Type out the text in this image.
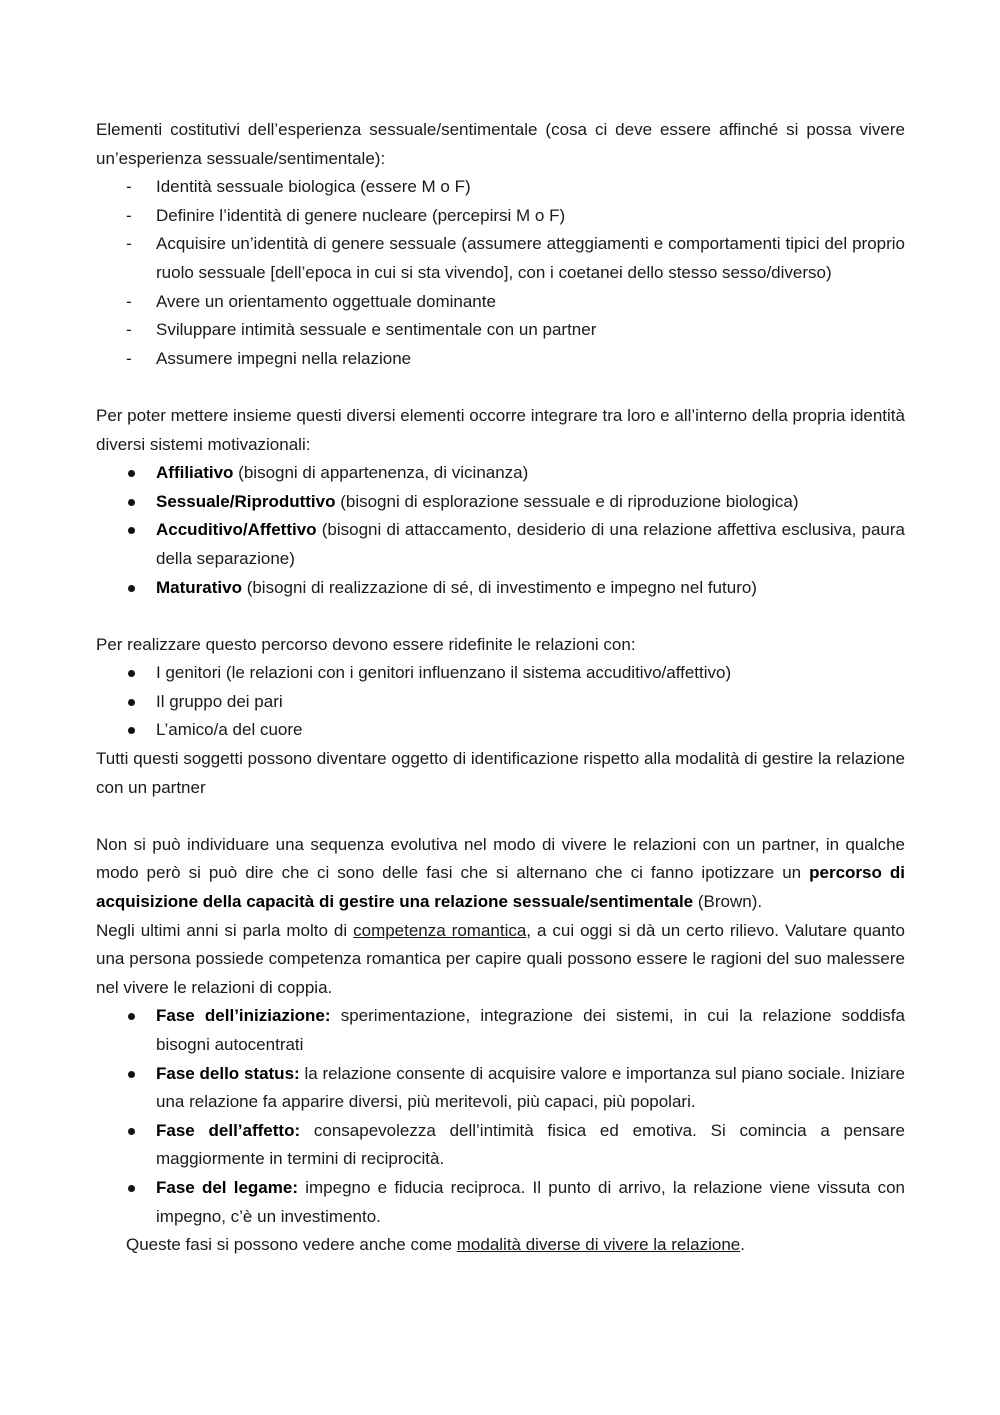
Elementi costitutivi dell’esperienza sessuale/sentimentale (cosa ci deve essere affinché si possa vivere un’esperienza sessuale/sentimentale):

- Identità sessuale biologica (essere M o F)
- Definire l’identità di genere nucleare (percepirsi M o F)
- Acquisire un’identità di genere sessuale (assumere atteggiamenti e comportamenti tipici del proprio ruolo sessuale [dell’epoca in cui si sta vivendo], con i coetanei dello stesso sesso/diverso)
- Avere un orientamento oggettuale dominante
- Sviluppare intimità sessuale e sentimentale con un partner
- Assumere impegni nella relazione

Per poter mettere insieme questi diversi elementi occorre integrare tra loro e all’interno della propria identità diversi sistemi motivazionali:

Affiliativo (bisogni di appartenenza, di vicinanza)
Sessuale/Riproduttivo (bisogni di esplorazione sessuale e di riproduzione biologica)
Accuditivo/Affettivo (bisogni di attaccamento, desiderio di una relazione affettiva esclusiva, paura della separazione)
Maturativo (bisogni di realizzazione di sé, di investimento e impegno nel futuro)

Per realizzare questo percorso devono essere ridefinite le relazioni con:

I genitori (le relazioni con i genitori influenzano il sistema accuditivo/affettivo)
Il gruppo dei pari
L’amico/a del cuore

Tutti questi soggetti possono diventare oggetto di identificazione rispetto alla modalità di gestire la relazione con un partner

Non si può individuare una sequenza evolutiva nel modo di vivere le relazioni con un partner, in qualche modo però si può dire che ci sono delle fasi che si alternano che ci fanno ipotizzare un percorso di acquisizione della capacità di gestire una relazione sessuale/sentimentale (Brown).

Negli ultimi anni si parla molto di competenza romantica, a cui oggi si dà un certo rilievo. Valutare quanto una persona possiede competenza romantica per capire quali possono essere le ragioni del suo malessere nel vivere le relazioni di coppia.

Fase dell’iniziazione: sperimentazione, integrazione dei sistemi, in cui la relazione soddisfa bisogni autocentrati
Fase dello status: la relazione consente di acquisire valore e importanza sul piano sociale. Iniziare una relazione fa apparire diversi, più meritevoli, più capaci, più popolari.
Fase dell’affetto: consapevolezza dell’intimità fisica ed emotiva. Si comincia a pensare maggiormente in termini di reciprocità.
Fase del legame: impegno e fiducia reciproca. Il punto di arrivo, la relazione viene vissuta con impegno, c’è un investimento.

Queste fasi si possono vedere anche come modalità diverse di vivere la relazione.
